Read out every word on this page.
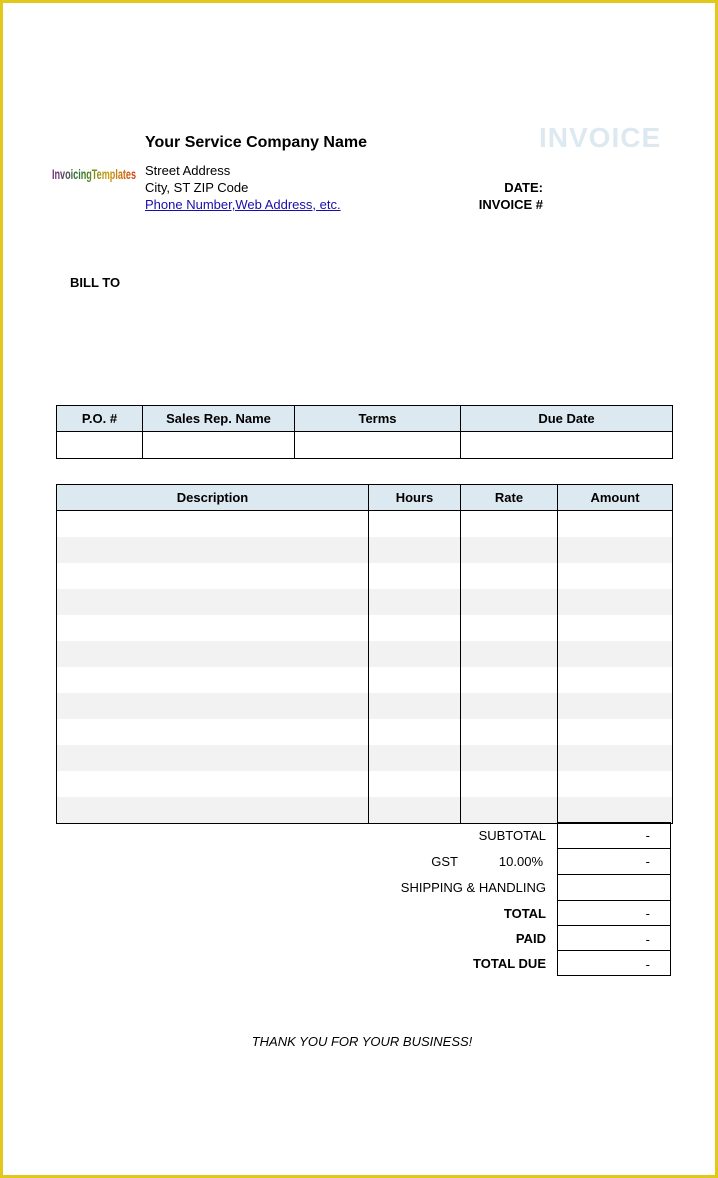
InvoicingTemplates
Your Service Company Name
Street Address
City, ST ZIP Code
Phone Number,Web Address, etc.
INVOICE
DATE:
INVOICE #
BILL TO
P.O. #	Sales Rep. Name	Terms	Due Date

Description	Hours	Rate	Amount

SUBTOTAL	-
GST	10.00%	-
SHIPPING & HANDLING
TOTAL	-
PAID	-
TOTAL DUE	-
THANK YOU FOR YOUR BUSINESS!
